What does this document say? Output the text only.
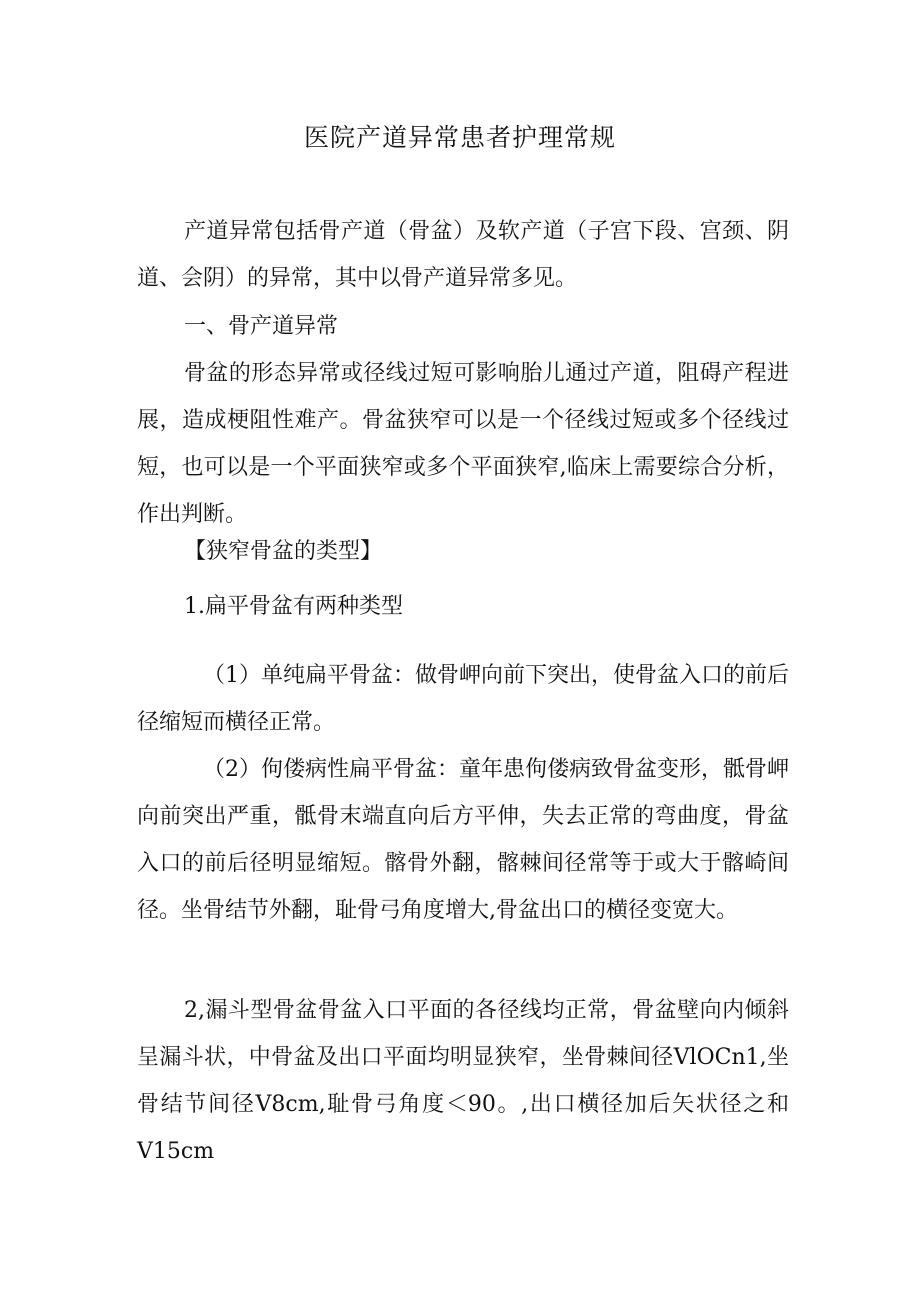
医院产道异常患者护理常规

产道异常包括骨产道（骨盆）及软产道（子宫下段、宫颈、阴道、会阴）的异常，其中以骨产道异常多见。

一、骨产道异常

骨盆的形态异常或径线过短可影响胎儿通过产道，阻碍产程进展，造成梗阻性难产。骨盆狭窄可以是一个径线过短或多个径线过短，也可以是一个平面狭窄或多个平面狭窄,临床上需要综合分析，作出判断。

【狭窄骨盆的类型】
1.扁平骨盆有两种类型

（1）单纯扁平骨盆：做骨岬向前下突出，使骨盆入口的前后径缩短而横径正常。

（2）佝偻病性扁平骨盆：童年患佝偻病致骨盆变形，骶骨岬向前突出严重，骶骨末端直向后方平伸，失去正常的弯曲度，骨盆入口的前后径明显缩短。髂骨外翻，髂棘间径常等于或大于髂崎间径。坐骨结节外翻，耻骨弓角度增大,骨盆出口的横径变宽大。

2,漏斗型骨盆骨盆入口平面的各径线均正常，骨盆壁向内倾斜呈漏斗状，中骨盆及出口平面均明显狭窄，坐骨棘间径VlOCn1,坐骨结节间径V8cm,耻骨弓角度＜90。,出口横径加后矢状径之和V15cm
